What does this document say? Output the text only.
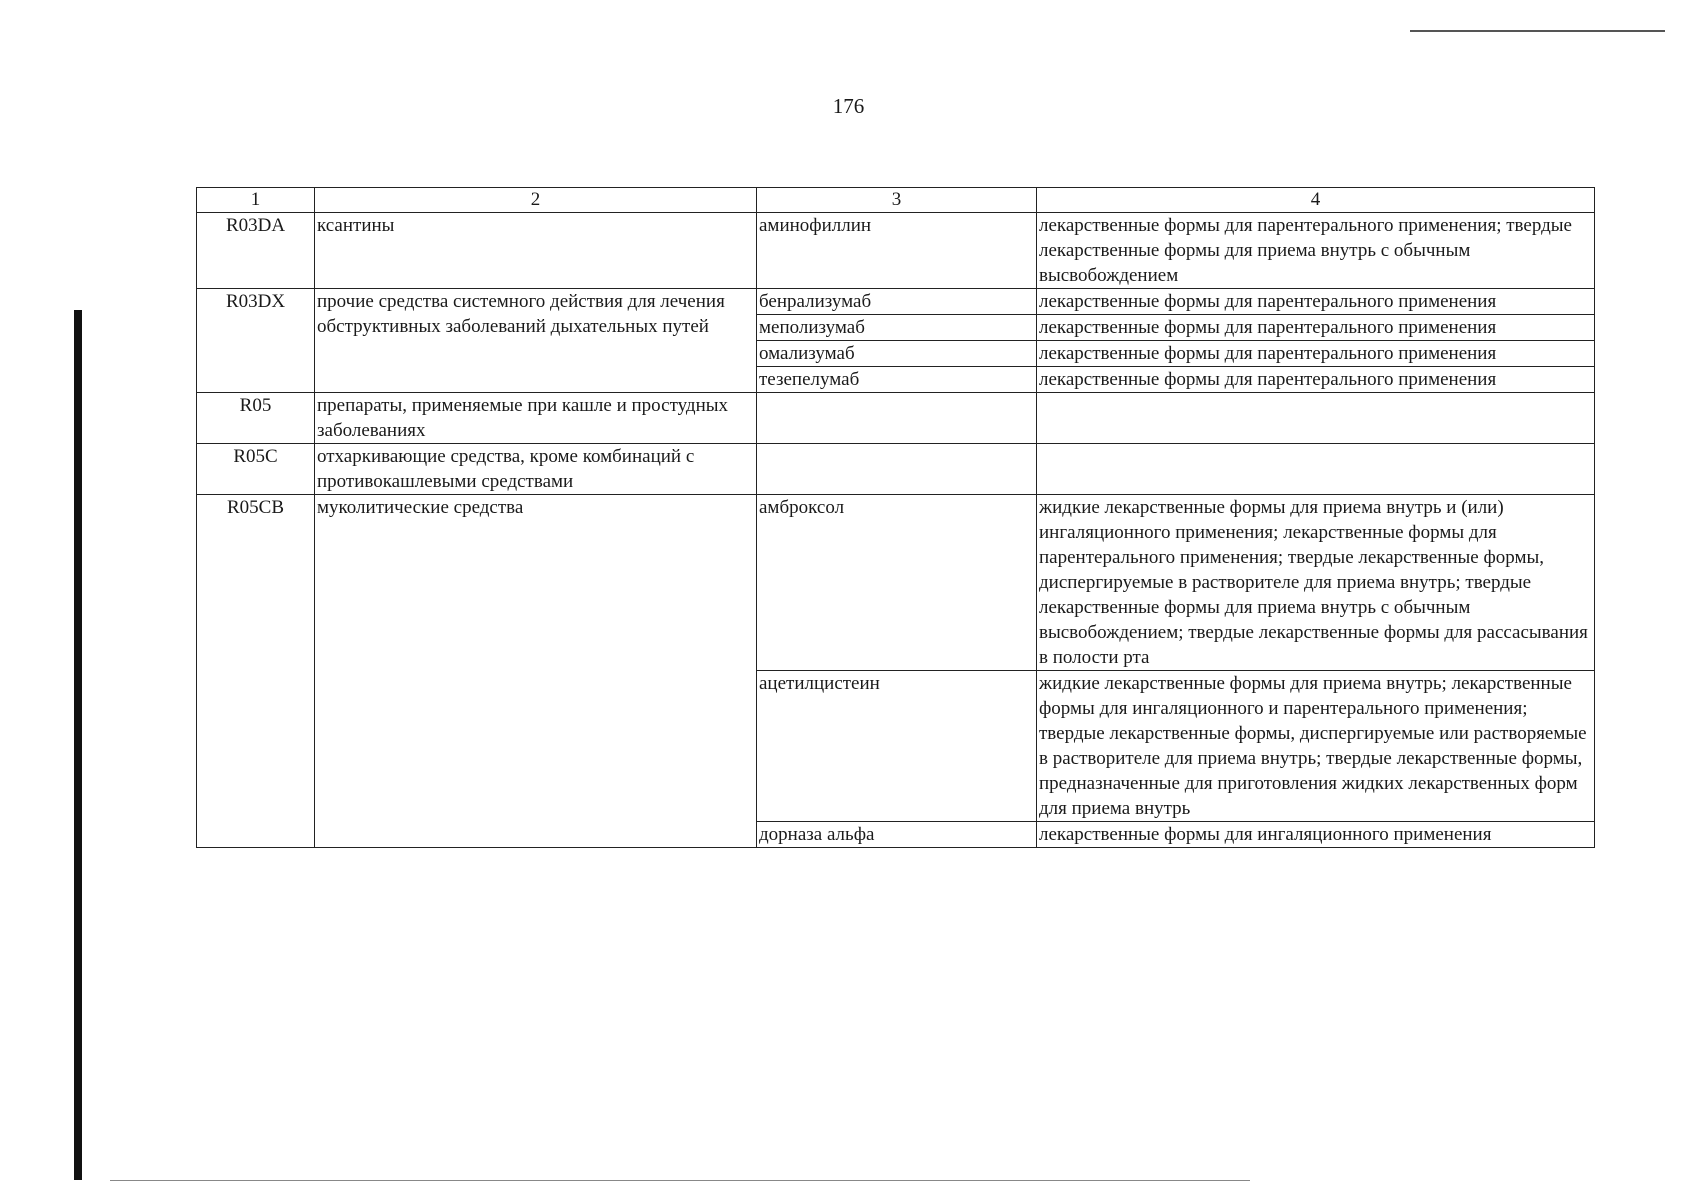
176
1	2	3	4
R03DA	ксантины	аминофиллин	лекарственные формы для парентерального применения; твердые лекарственные формы для приема внутрь с обычным высвобождением
R03DX	прочие средства системного действия для лечения обструктивных заболеваний дыхательных путей	бенрализумаб	лекарственные формы для парентерального применения
		меполизумаб	лекарственные формы для парентерального применения
		омализумаб	лекарственные формы для парентерального применения
		тезепелумаб	лекарственные формы для парентерального применения
R05	препараты, применяемые при кашле и простудных заболеваниях		
R05C	отхаркивающие средства, кроме комбинаций с противокашлевыми средствами		
R05CB	муколитические средства	амброксол	жидкие лекарственные формы для приема внутрь и (или) ингаляционного применения; лекарственные формы для парентерального применения; твердые лекарственные формы, диспергируемые в растворителе для приема внутрь; твердые лекарственные формы для приема внутрь с обычным высвобождением; твердые лекарственные формы для рассасывания в полости рта
		ацетилцистеин	жидкие лекарственные формы для приема внутрь; лекарственные формы для ингаляционного и парентерального применения; твердые лекарственные формы, диспергируемые или растворяемые в растворителе для приема внутрь; твердые лекарственные формы, предназначенные для приготовления жидких лекарственных форм для приема внутрь
		дорназа альфа	лекарственные формы для ингаляционного применения
